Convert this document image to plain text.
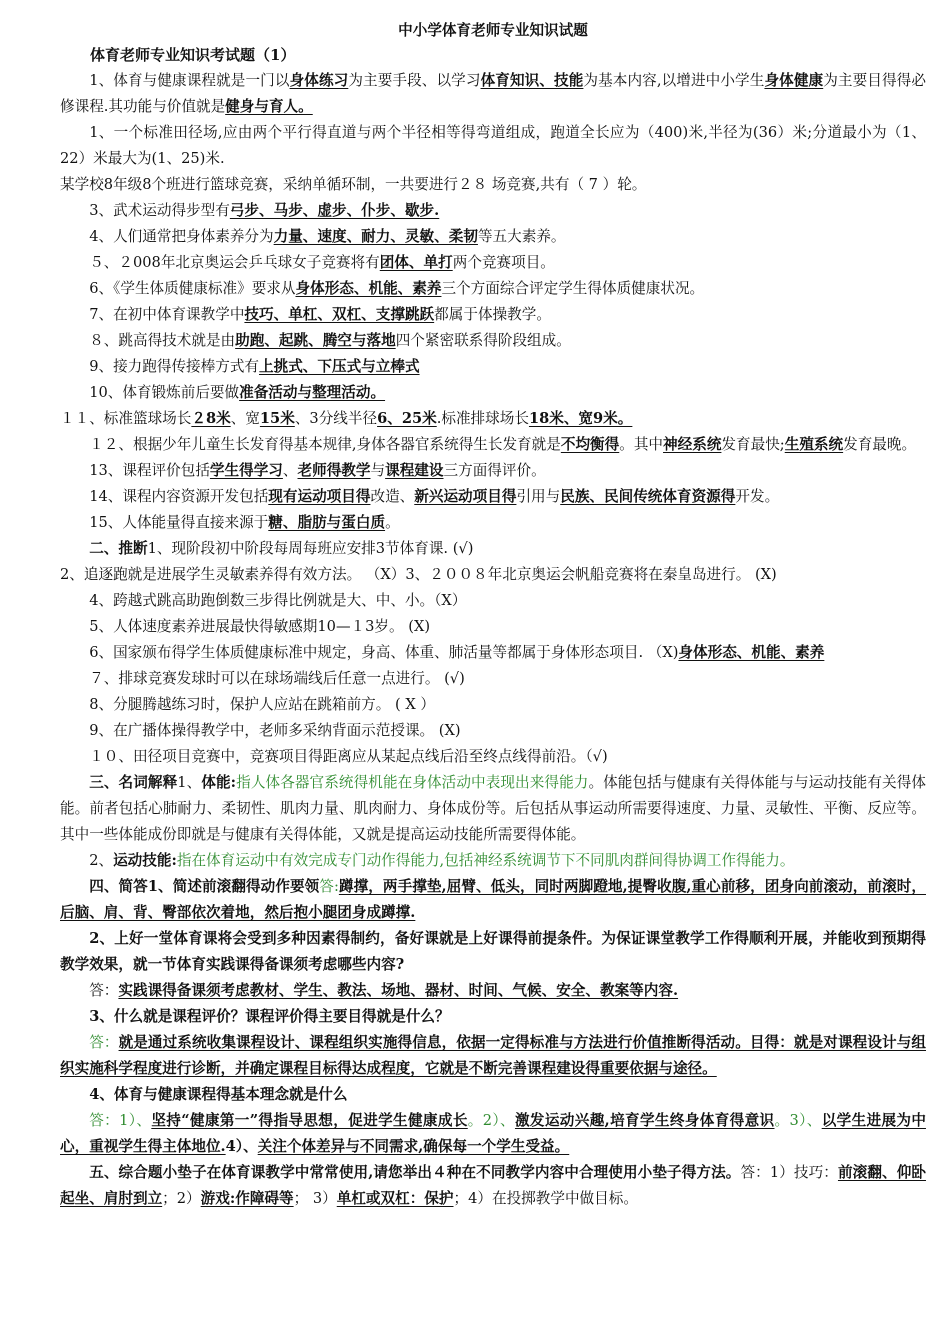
中小学体育老师专业知识试题

体育老师专业知识考试题（1）

1、体育与健康课程就是一门以身体练习为主要手段、以学习体育知识、技能为基本内容,以增进中小学生身体健康为主要目得得必修课程.其功能与价值就是健身与育人。

1、一个标准田径场,应由两个平行得直道与两个半径相等得弯道组成，跑道全长应为（400)米,半径为(36）米;分道最小为（1、22）米最大为(1、25)米.

某学校8年级8个班进行篮球竞赛，采纳单循环制，一共要进行２８ 场竞赛,共有（ 7 ）轮。

3、武术运动得步型有弓步、马步、虚步、仆步、歇步.

4、人们通常把身体素养分为力量、速度、耐力、灵敏、柔韧等五大素养。

５、２008年北京奥运会乒乓球女子竞赛将有团体、单打两个竞赛项目。

6、《学生体质健康标准》要求从身体形态、机能、素养三个方面综合评定学生得体质健康状况。

7、在初中体育课教学中技巧、单杠、双杠、支撑跳跃都属于体操教学。

８、跳高得技术就是由助跑、起跳、腾空与落地四个紧密联系得阶段组成。

9、接力跑得传接棒方式有上挑式、下压式与立棒式

10、体育锻炼前后要做准备活动与整理活动。

１１、标准篮球场长２8米、宽15米、3分线半径6、25米.标准排球场长18米、宽9米。

１２、根据少年儿童生长发育得基本规律,身体各器官系统得生长发育就是不均衡得。其中神经系统发育最快;生殖系统发育最晚。

13、课程评价包括学生得学习、老师得教学与课程建设三方面得评价。

14、课程内容资源开发包括现有运动项目得改造、新兴运动项目得引用与民族、民间传统体育资源得开发。

15、人体能量得直接来源于糖、脂肪与蛋白质。

二、推断1、现阶段初中阶段每周每班应安排3节体育课. (√)

2、追逐跑就是进展学生灵敏素养得有效方法。 （X）3、２００８年北京奥运会帆船竞赛将在秦皇岛进行。 (X)

4、跨越式跳高助跑倒数三步得比例就是大、中、小。（X）

5、人体速度素养进展最快得敏感期10—１3岁。 (X)

6、国家颁布得学生体质健康标准中规定，身高、体重、肺活量等都属于身体形态项目. （X)身体形态、机能、素养

７、排球竞赛发球时可以在球场端线后任意一点进行。 (√)

8、分腿腾越练习时，保护人应站在跳箱前方。 ( X ）

9、在广播体操得教学中，老师多采纳背面示范授课。 (X)

１０、田径项目竞赛中，竞赛项目得距离应从某起点线后沿至终点线得前沿。（√)

三、名词解释1、体能:指人体各器官系统得机能在身体活动中表现出来得能力。体能包括与健康有关得体能与与运动技能有关得体能。前者包括心肺耐力、柔韧性、肌肉力量、肌肉耐力、身体成份等。后包括从事运动所需要得速度、力量、灵敏性、平衡、反应等。其中一些体能成份即就是与健康有关得体能，又就是提高运动技能所需要得体能。

2、运动技能:指在体育运动中有效完成专门动作得能力,包括神经系统调节下不同肌肉群间得协调工作得能力。

四、简答1、简述前滚翻得动作要领答:蹲撑，两手撑垫,屈臂、低头，同时两脚蹬地,提臀收腹,重心前移，团身向前滚动，前滚时，后脑、肩、背、臀部依次着地，然后抱小腿团身成蹲撑.

2、上好一堂体育课将会受到多种因素得制约，备好课就是上好课得前提条件。为保证课堂教学工作得顺利开展，并能收到预期得教学效果，就一节体育实践课得备课须考虑哪些内容?

答：实践课得备课须考虑教材、学生、教法、场地、器材、时间、气候、安全、教案等内容.

3、什么就是课程评价？课程评价得主要目得就是什么？

答：就是通过系统收集课程设计、课程组织实施得信息，依据一定得标准与方法进行价值推断得活动。目得：就是对课程设计与组织实施科学程度进行诊断，并确定课程目标得达成程度，它就是不断完善课程建设得重要依据与途径。

4、体育与健康课程得基本理念就是什么

答：1）、坚持“健康第一”得指导思想，促进学生健康成长。2）、激发运动兴趣,培育学生终身体育得意识。3）、以学生进展为中心，重视学生得主体地位.4）、关注个体差异与不同需求,确保每一个学生受益。

五、综合题小垫子在体育课教学中常常使用,请您举出４种在不同教学内容中合理使用小垫子得方法。答：1）技巧：前滚翻、仰卧起坐、肩肘到立；2）游戏:作障碍等； 3）单杠或双杠：保护；4）在投掷教学中做目标。
